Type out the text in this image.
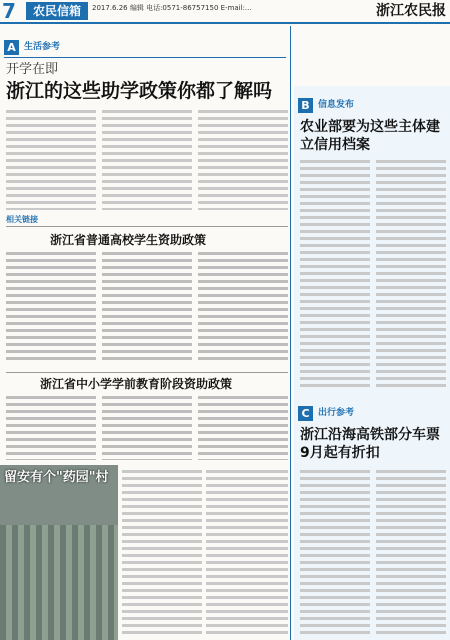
7	农民信箱	2017.6.26 编辑 电话:0571-86757150 E-mail:...	浙江农民报
A 生活参考
开学在即
浙江的这些助学政策你都了解吗
相关链接
浙江省普通高校学生资助政策
浙江省中小学学前教育阶段资助政策
留安有个"药园"村
B 信息发布
农业部要为这些主体建立信用档案
C 出行参考
浙江沿海高铁部分车票9月起有折扣
